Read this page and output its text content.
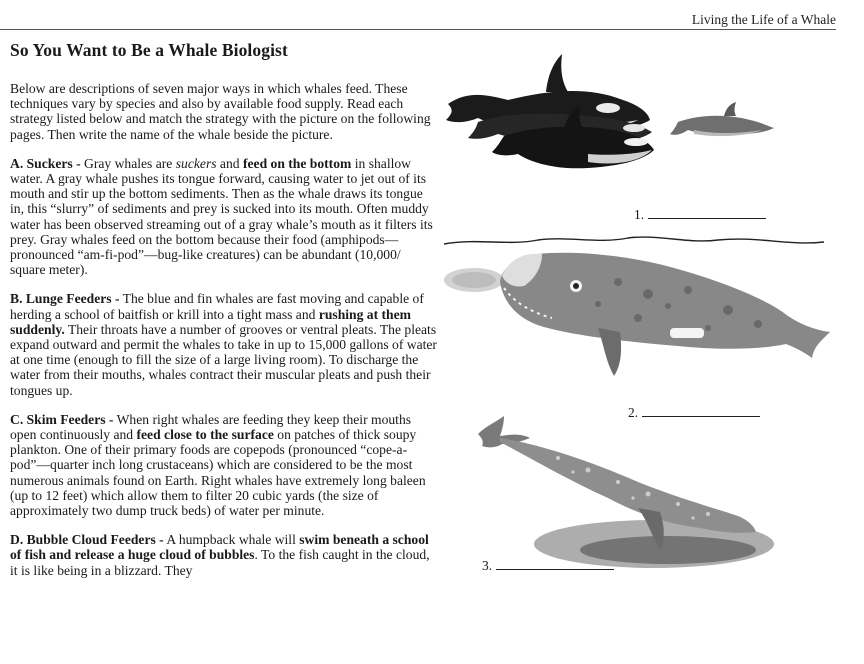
Living the Life of a Whale
So You Want to Be a Whale Biologist

Below are descriptions of seven major ways in which whales feed. These techniques vary by species and also by available food supply. Read each strategy listed below and match the strategy with the picture on the following pages. Then write the name of the whale beside the picture.

A. Suckers - Gray whales are suckers and feed on the bottom in shallow water. A gray whale pushes its tongue forward, causing water to jet out of its mouth and stir up the bottom sediments. Then as the whale draws its tongue in, this “slurry” of sediments and prey is sucked into its mouth. Often muddy water has been observed streaming out of a gray whale’s mouth as it filters its prey. Gray whales feed on the bottom because their food (amphipods—pronounced “am-fi-pod”—bug-like creatures) can be abundant (10,000/ square meter).

B. Lunge Feeders - The blue and fin whales are fast moving and capable of herding a school of baitfish or krill into a tight mass and rushing at them suddenly. Their throats have a number of grooves or ventral pleats. The pleats expand outward and permit the whales to take in up to 15,000 gallons of water at one time (enough to fill the size of a large living room). To discharge the water from their mouths, whales contract their muscular pleats and push their tongues up.

C. Skim Feeders - When right whales are feeding they keep their mouths open continuously and feed close to the surface on patches of thick soupy plankton. One of their primary foods are copepods (pronounced “cope-a-pod”—quarter inch long crustaceans) which are considered to be the most numerous animals found on Earth. Right whales have extremely long baleen (up to 12 feet) which allow them to filter 20 cubic yards (the size of approximately two dump truck beds) of water per minute.

D. Bubble Cloud Feeders - A humpback whale will swim beneath a school of fish and release a huge cloud of bubbles. To the fish caught in the cloud, it is like being in a blizzard. They

1.
2.
3.
